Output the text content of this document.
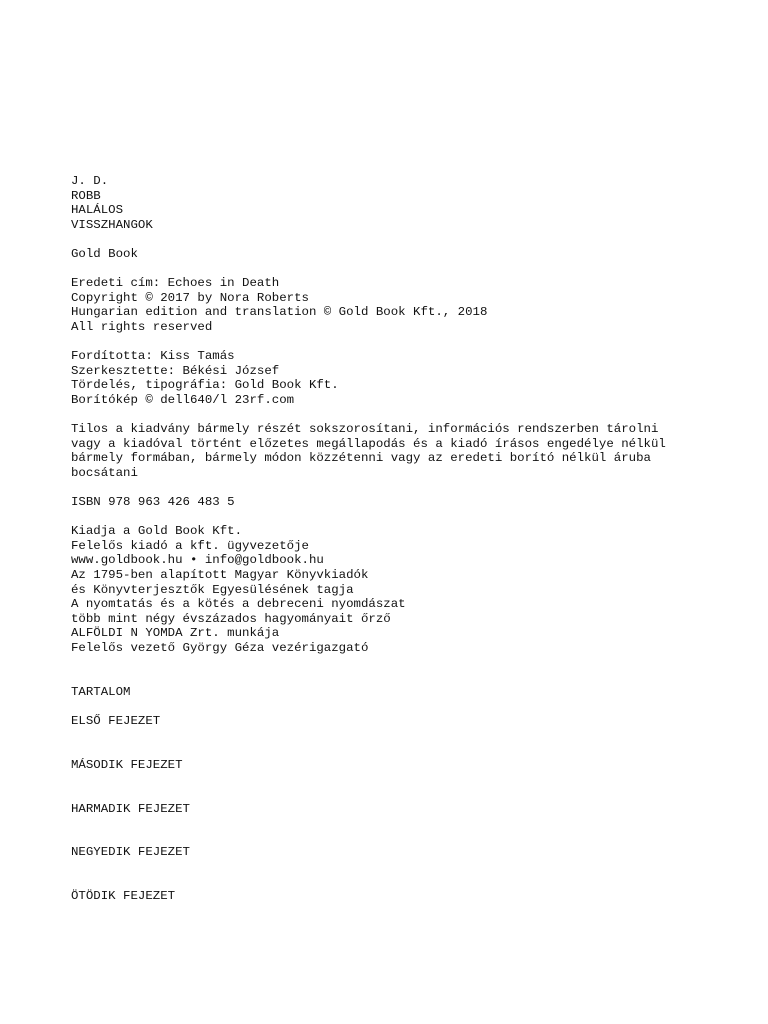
J. D.
ROBB
HALÁLOS
VISSZHANGOK
Gold Book
Eredeti cím: Echoes in Death
Copyright © 2017 by Nora Roberts
Hungarian edition and translation © Gold Book Kft., 2018
All rights reserved
Fordította: Kiss Tamás
Szerkesztette: Békési József
Tördelés, tipográfia: Gold Book Kft.
Borítókép © dell640/l 23rf.com
Tilos a kiadvány bármely részét sokszorosítani, információs rendszerben tárolni
vagy a kiadóval történt előzetes megállapodás és a kiadó írásos engedélye nélkül
bármely formában, bármely módon közzétenni vagy az eredeti borító nélkül áruba
bocsátani
ISBN 978 963 426 483 5
Kiadja a Gold Book Kft.
Felelős kiadó a kft. ügyvezetője
www.goldbook.hu • info@goldbook.hu
Az 1795-ben alapított Magyar Könyvkiadók
és Könyvterjesztők Egyesülésének tagja
A nyomtatás és a kötés a debreceni nyomdászat
több mint négy évszázados hagyományait őrző
ALFÖLDI N YOMDA Zrt. munkája
Felelős vezető György Géza vezérigazgató
TARTALOM
ELSŐ FEJEZET
MÁSODIK FEJEZET
HARMADIK FEJEZET
NEGYEDIK FEJEZET
ÖTÖDIK FEJEZET
